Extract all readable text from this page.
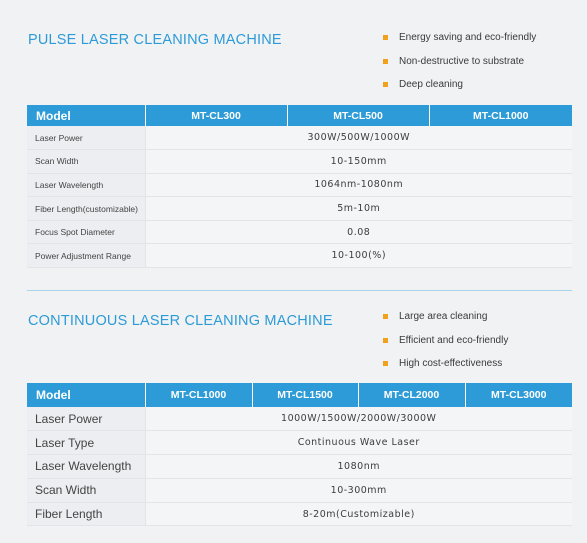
PULSE LASER CLEANING MACHINE	Energy saving and eco-friendly
Non-destructive to substrate
Deep cleaning
Model	MT-CL300	MT-CL500	MT-CL1000
Laser Power	300W/500W/1000W		
Scan Width	10-150mm		
Laser Wavelength	1064nm-1080nm		
Fiber Length(customizable)	5m-10m		
Focus Spot Diameter	0.08		
Power Adjustment Range	10-100(%)		
CONTINUOUS LASER CLEANING MACHINE	Large area cleaning
Efficient and eco-friendly
High cost-effectiveness
Model	MT-CL1000	MT-CL1500	MT-CL2000	MT-CL3000
Laser Power	1000W/1500W/2000W/3000W			
Laser Type	Continuous Wave Laser			
Laser Wavelength	1080nm			
Scan Width	10-300mm			
Fiber Length	8-20m(Customizable)			
